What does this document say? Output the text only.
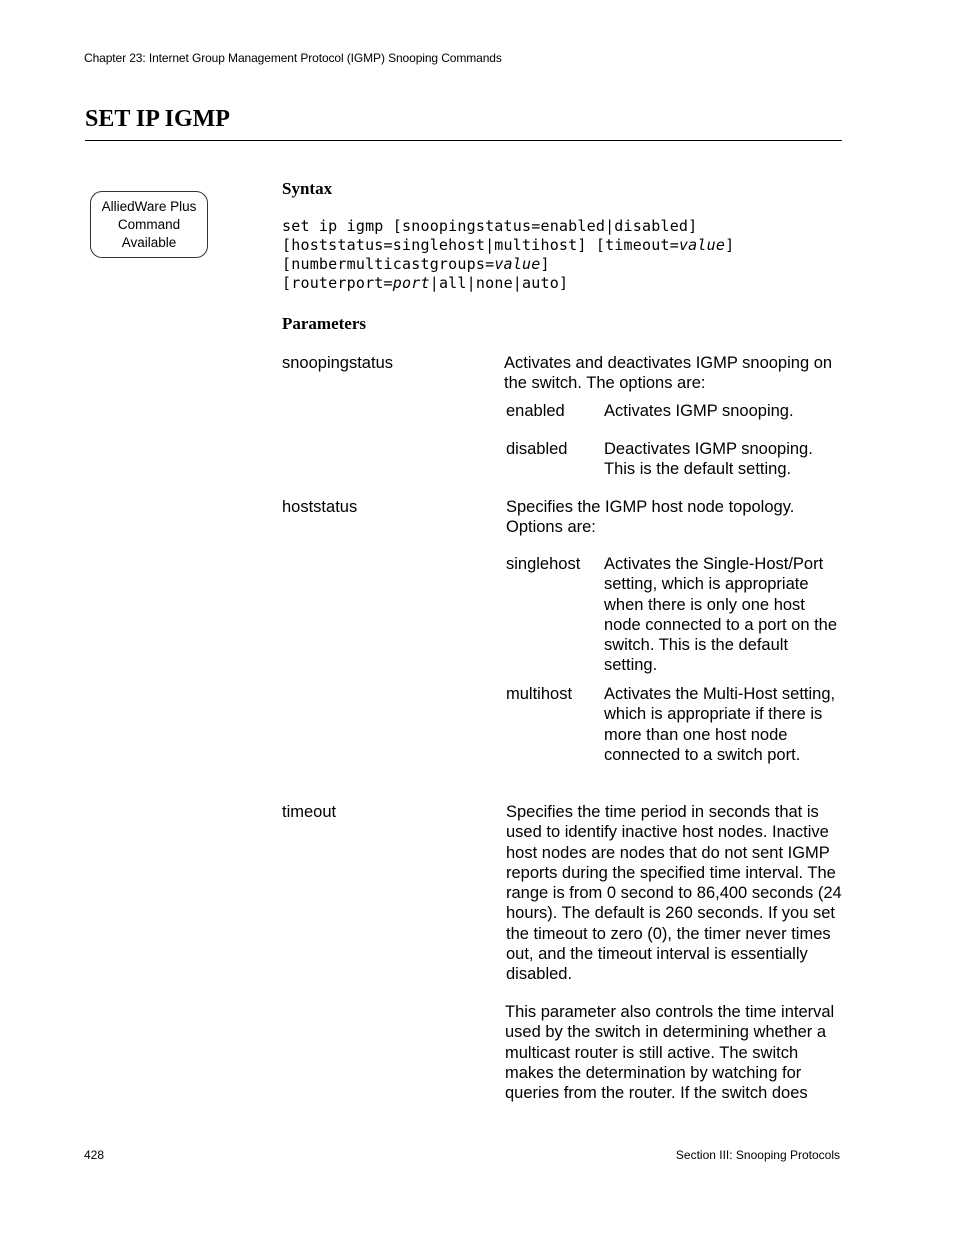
Chapter 23: Internet Group Management Protocol (IGMP) Snooping Commands
SET IP IGMP
AlliedWare Plus
Command
Available
Syntax
set ip igmp [snoopingstatus=enabled|disabled]
[hoststatus=singlehost|multihost] [timeout=value]
[numbermulticastgroups=value]
[routerport=port|all|none|auto]
Parameters
snoopingstatus	Activates and deactivates IGMP snooping on the switch. The options are:
enabled Activates IGMP snooping.
disabled Deactivates IGMP snooping. This is the default setting.
hoststatus	Specifies the IGMP host node topology. Options are:
singlehost Activates the Single-Host/Port setting, which is appropriate when there is only one host node connected to a port on the switch. This is the default setting.
multihost Activates the Multi-Host setting, which is appropriate if there is more than one host node connected to a switch port.
timeout	Specifies the time period in seconds that is used to identify inactive host nodes. Inactive host nodes are nodes that do not sent IGMP reports during the specified time interval. The range is from 0 second to 86,400 seconds (24 hours). The default is 260 seconds. If you set the timeout to zero (0), the timer never times out, and the timeout interval is essentially disabled.
This parameter also controls the time interval used by the switch in determining whether a multicast router is still active. The switch makes the determination by watching for queries from the router. If the switch does
428	Section III: Snooping Protocols
